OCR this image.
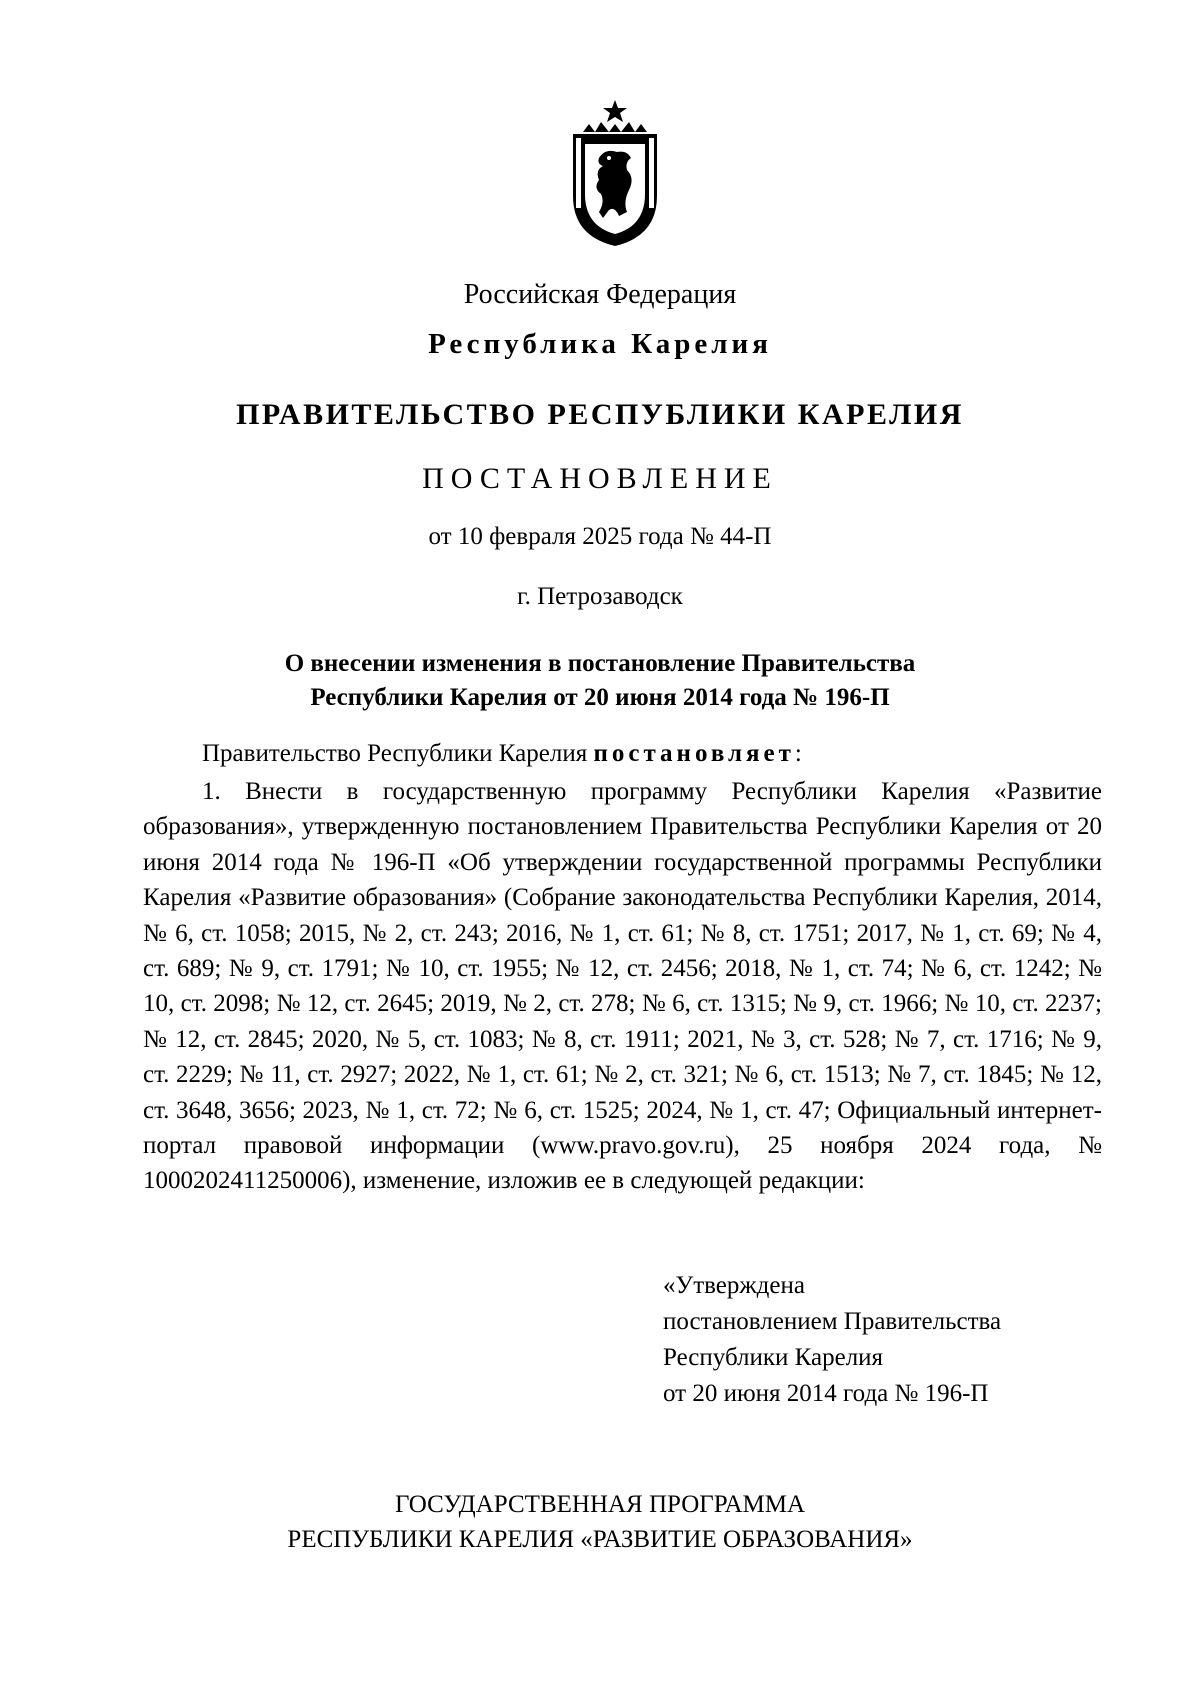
Российская Федерация
Республика Карелия
ПРАВИТЕЛЬСТВО РЕСПУБЛИКИ КАРЕЛИЯ
ПОСТАНОВЛЕНИЕ
от 10 февраля 2025 года № 44-П
г. Петрозаводск
О внесении изменения в постановление Правительства
Республики Карелия от 20 июня 2014 года № 196-П
Правительство Республики Карелия постановляет:

1. Внести в государственную программу Республики Карелия «Развитие образования», утвержденную постановлением Правительства Республики Карелия от 20 июня 2014 года № 196-П «Об утверждении государственной программы Республики Карелия «Развитие образования» (Собрание законодательства Республики Карелия, 2014, № 6, ст. 1058; 2015, № 2, ст. 243; 2016, № 1, ст. 61; № 8, ст. 1751; 2017, № 1, ст. 69; № 4, ст. 689; № 9, ст. 1791; № 10, ст. 1955; № 12, ст. 2456; 2018, № 1, ст. 74; № 6, ст. 1242; № 10, ст. 2098; № 12, ст. 2645; 2019, № 2, ст. 278; № 6, ст. 1315; № 9, ст. 1966; № 10, ст. 2237; № 12, ст. 2845; 2020, № 5, ст. 1083; № 8, ст. 1911; 2021, № 3, ст. 528; № 7, ст. 1716; № 9, ст. 2229; № 11, ст. 2927; 2022, № 1, ст. 61; № 2, ст. 321; № 6, ст. 1513; № 7, ст. 1845; № 12, ст. 3648, 3656; 2023, № 1, ст. 72; № 6, ст. 1525; 2024, № 1, ст. 47; Официальный интернет-портал правовой информации (www.pravo.gov.ru), 25 ноября 2024 года, № 1000202411250006), изменение, изложив ее в следующей редакции:

«Утверждена
постановлением Правительства
Республики Карелия
от 20 июня 2014 года № 196-П
ГОСУДАРСТВЕННАЯ ПРОГРАММА
РЕСПУБЛИКИ КАРЕЛИЯ «РАЗВИТИЕ ОБРАЗОВАНИЯ»
